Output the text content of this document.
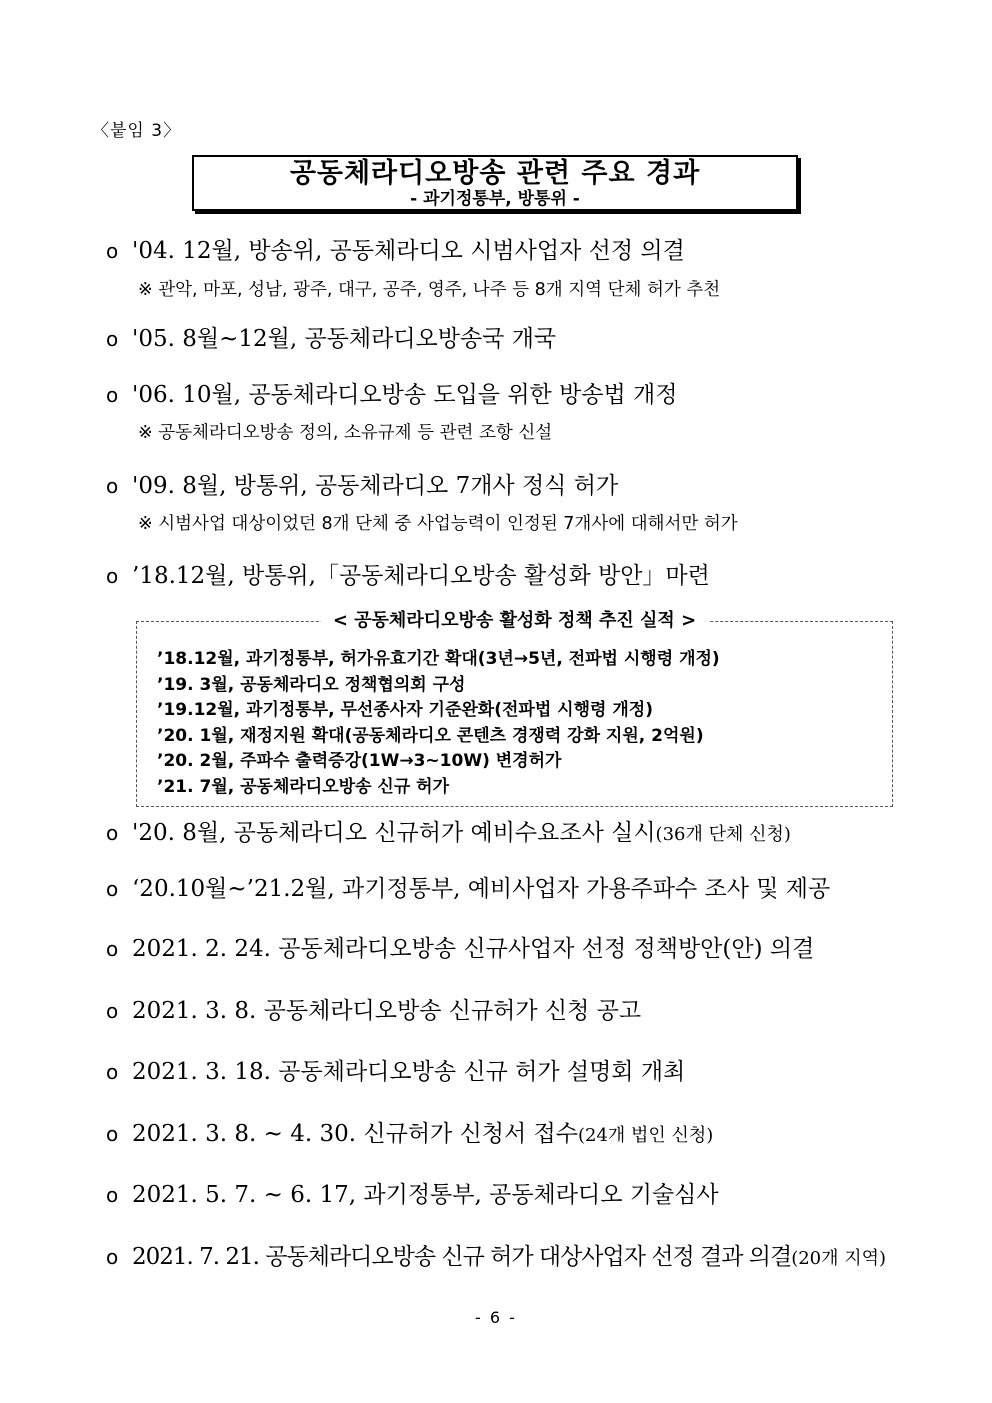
〈붙임 3〉
공동체라디오방송 관련 주요 경과
- 과기정통부, 방통위 -
o '04. 12월, 방송위, 공동체라디오 시범사업자 선정 의결
※ 관악, 마포, 성남, 광주, 대구, 공주, 영주, 나주 등 8개 지역 단체 허가 추천
o '05. 8월~12월, 공동체라디오방송국 개국
o '06. 10월, 공동체라디오방송 도입을 위한 방송법 개정
※ 공동체라디오방송 정의, 소유규제 등 관련 조항 신설
o '09. 8월, 방통위, 공동체라디오 7개사 정식 허가
※ 시범사업 대상이었던 8개 단체 중 사업능력이 인정된 7개사에 대해서만 허가
o ’18.12월, 방통위,「공동체라디오방송 활성화 방안」마련
< 공동체라디오방송 활성화 정책 추진 실적 >
’18.12월, 과기정통부, 허가유효기간 확대(3년→5년, 전파법 시행령 개정)
’19. 3월, 공동체라디오 정책협의회 구성
’19.12월, 과기정통부, 무선종사자 기준완화(전파법 시행령 개정)
’20. 1월, 재정지원 확대(공동체라디오 콘텐츠 경쟁력 강화 지원, 2억원)
’20. 2월, 주파수 출력증강(1W→3~10W) 변경허가
’21. 7월, 공동체라디오방송 신규 허가
o '20. 8월, 공동체라디오 신규허가 예비수요조사 실시(36개 단체 신청)
o ‘20.10월~’21.2월, 과기정통부, 예비사업자 가용주파수 조사 및 제공
o 2021. 2. 24. 공동체라디오방송 신규사업자 선정 정책방안(안) 의결
o 2021. 3. 8. 공동체라디오방송 신규허가 신청 공고
o 2021. 3. 18. 공동체라디오방송 신규 허가 설명회 개최
o 2021. 3. 8. ~ 4. 30. 신규허가 신청서 접수(24개 법인 신청)
o 2021. 5. 7. ~ 6. 17, 과기정통부, 공동체라디오 기술심사
o 2021. 7. 21. 공동체라디오방송 신규 허가 대상사업자 선정 결과 의결(20개 지역)
- 6 -
